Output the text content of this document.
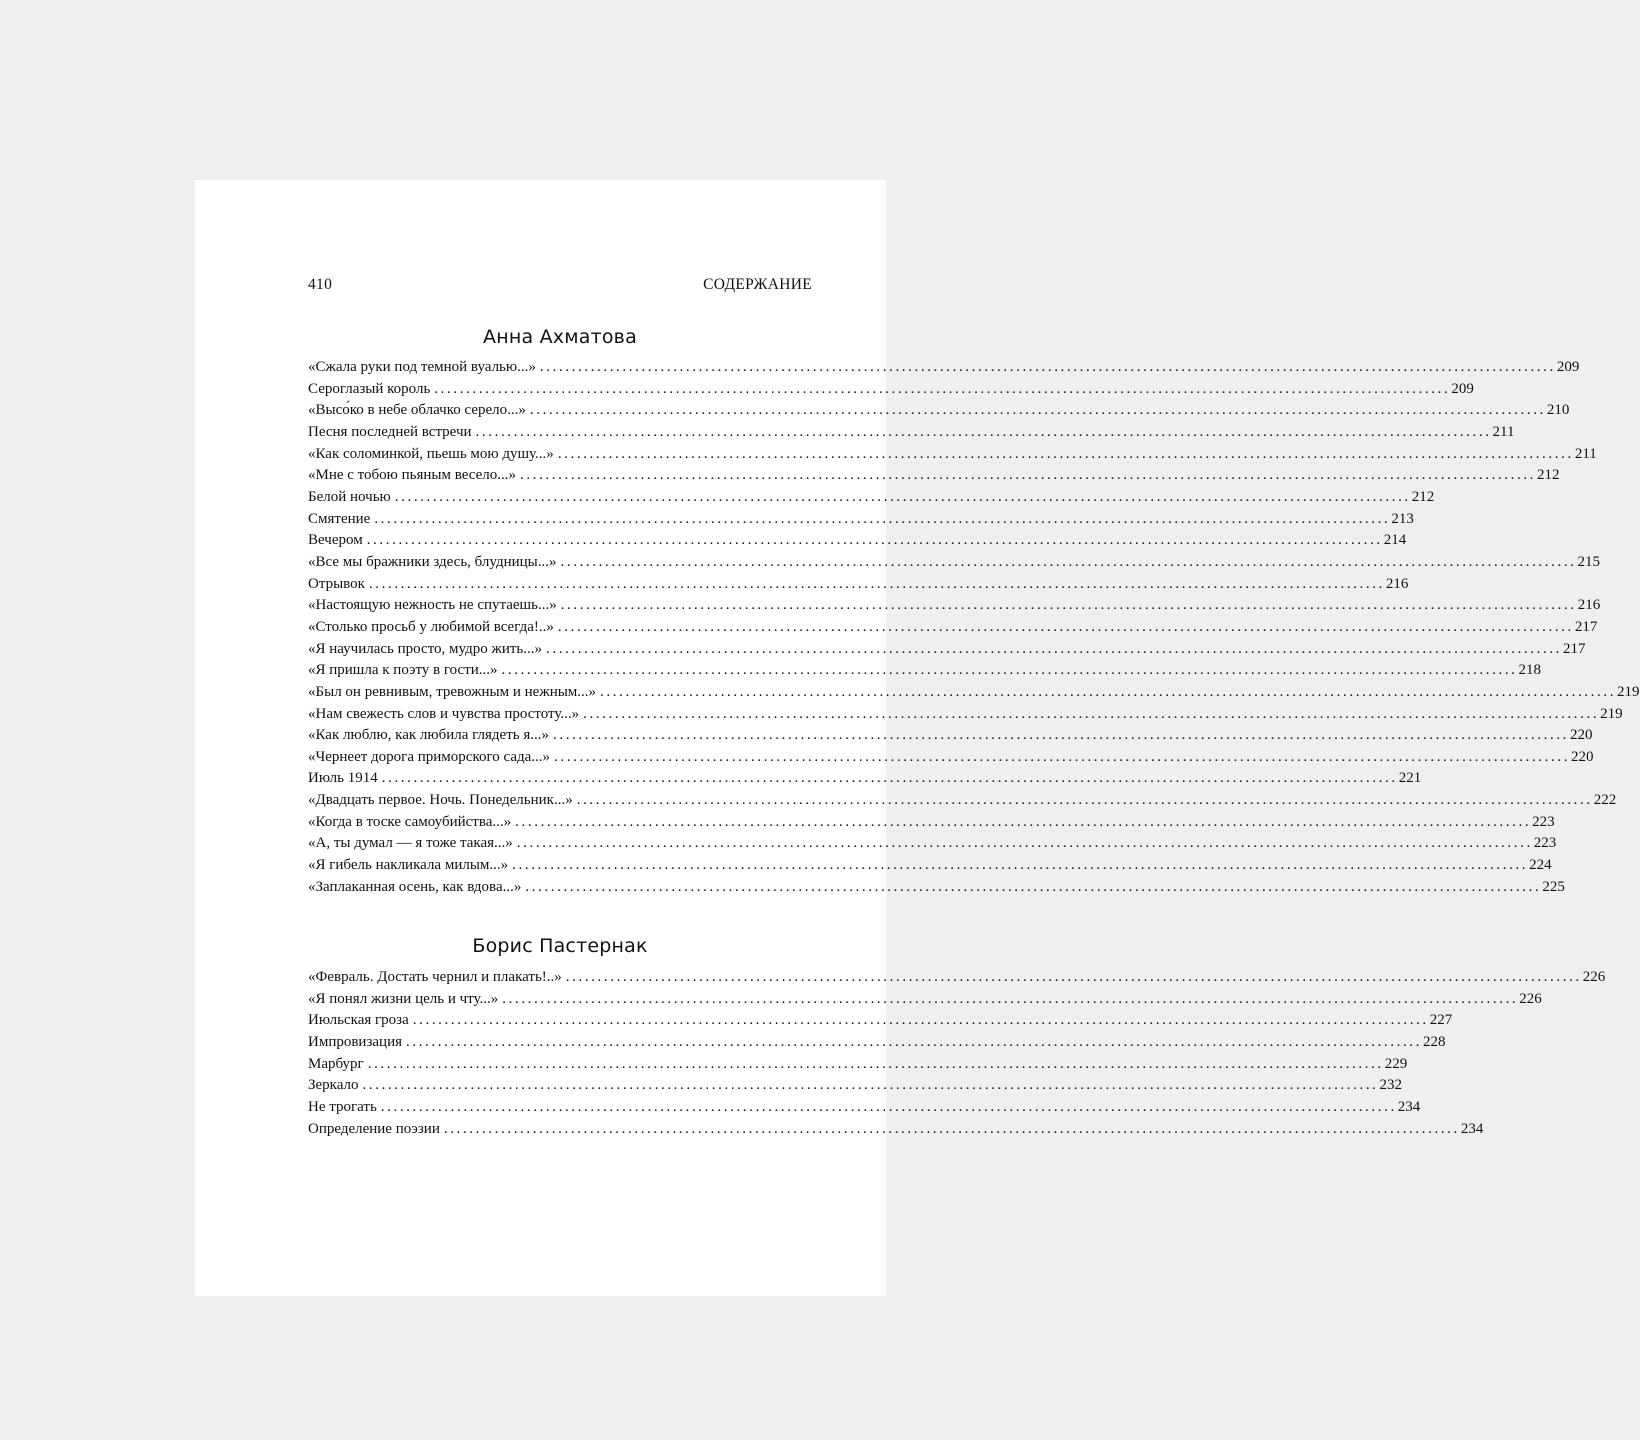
410	СОДЕРЖАНИЕ
Анна Ахматова
«Сжала руки под темной вуалью...» ................................................................................................................................................................ 209
Сероглазый король ................................................................................................................................................................ 209
«Высо́ко в небе облачко серело...» ................................................................................................................................................................ 210
Песня последней встречи ................................................................................................................................................................ 211
«Как соломинкой, пьешь мою душу...» ................................................................................................................................................................ 211
«Мне с тобою пьяным весело...» ................................................................................................................................................................ 212
Белой ночью ................................................................................................................................................................ 212
Смятение ................................................................................................................................................................ 213
Вечером ................................................................................................................................................................ 214
«Все мы бражники здесь, блудницы...» ................................................................................................................................................................ 215
Отрывок ................................................................................................................................................................ 216
«Настоящую нежность не спутаешь...» ................................................................................................................................................................ 216
«Столько просьб у любимой всегда!..» ................................................................................................................................................................ 217
«Я научилась просто, мудро жить...» ................................................................................................................................................................ 217
«Я пришла к поэту в гости...» ................................................................................................................................................................ 218
«Был он ревнивым, тревожным и нежным...» ................................................................................................................................................................ 219
«Нам свежесть слов и чувства простоту...» ................................................................................................................................................................ 219
«Как люблю, как любила глядеть я...» ................................................................................................................................................................ 220
«Чернеет дорога приморского сада...» ................................................................................................................................................................ 220
Июль 1914 ................................................................................................................................................................ 221
«Двадцать первое. Ночь. Понедельник...» ................................................................................................................................................................ 222
«Когда в тоске самоубийства...» ................................................................................................................................................................ 223
«А, ты думал — я тоже такая...» ................................................................................................................................................................ 223
«Я гибель накликала милым...» ................................................................................................................................................................ 224
«Заплаканная осень, как вдова...» ................................................................................................................................................................ 225
Борис Пастернак
«Февраль. Достать чернил и плакать!..» ................................................................................................................................................................ 226
«Я понял жизни цель и чту...» ................................................................................................................................................................ 226
Июльская гроза ................................................................................................................................................................ 227
Импровизация ................................................................................................................................................................ 228
Марбург ................................................................................................................................................................ 229
Зеркало ................................................................................................................................................................ 232
Не трогать ................................................................................................................................................................ 234
Определение поэзии ................................................................................................................................................................ 234
